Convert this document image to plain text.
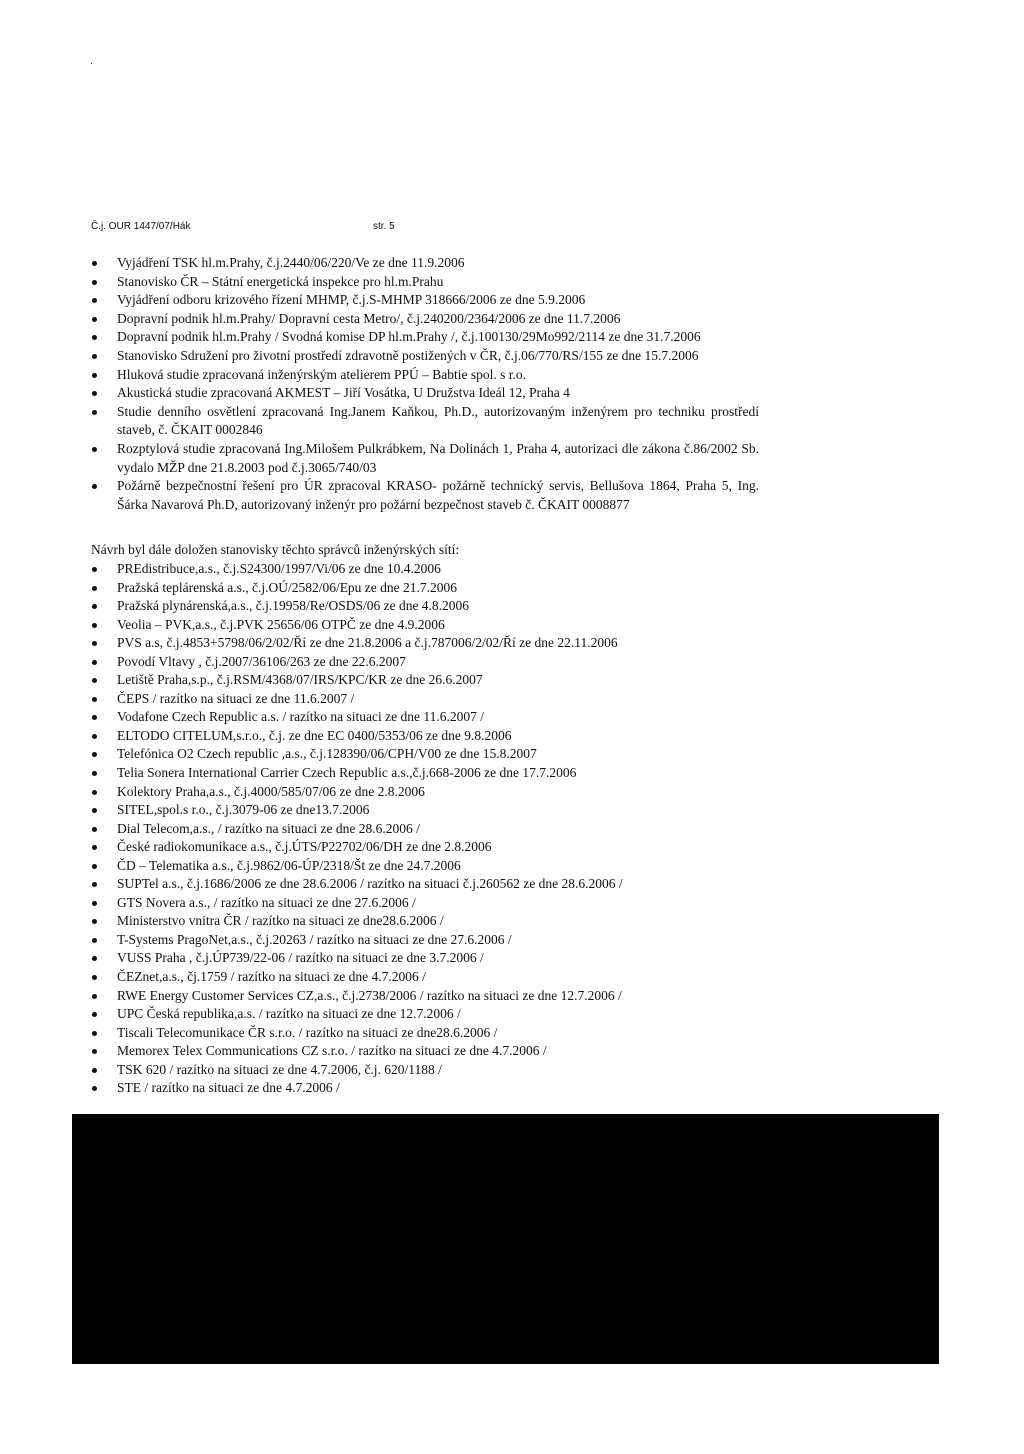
·
Č.j. OUR 1447/07/Hák	str. 5
Vyjádření TSK hl.m.Prahy, č.j.2440/06/220/Ve ze dne 11.9.2006
Stanovisko ČR – Státní energetická inspekce pro hl.m.Prahu
Vyjádření odboru krizového řízení MHMP, č.j.S-MHMP 318666/2006 ze dne 5.9.2006
Dopravní podnik hl.m.Prahy/ Dopravní cesta Metro/, č.j.240200/2364/2006 ze dne 11.7.2006
Dopravní podnik hl.m.Prahy / Svodná komise DP hl.m.Prahy /, č.j.100130/29Mo992/2114 ze dne 31.7.2006
Stanovisko Sdružení pro životní prostředí zdravotně postižených v ČR, č.j.06/770/RS/155 ze dne 15.7.2006
Hluková studie zpracovaná inženýrským atelierem PPÚ – Babtie spol. s r.o.
Akustická studie zpracovaná AKMEST – Jiří Vosátka, U Družstva Ideál 12, Praha 4
Studie denního osvětlení zpracovaná Ing.Janem Kaňkou, Ph.D., autorizovaným inženýrem pro techniku prostředí staveb, č. ČKAIT 0002846
Rozptylová studie zpracovaná Ing.Milošem Pulkrábkem, Na Dolinách 1, Praha 4, autorizaci dle zákona č.86/2002 Sb. vydalo MŽP dne 21.8.2003 pod č.j.3065/740/03
Požárně bezpečnostní řešení pro ÚR zpracoval KRASO- požárně technický servis, Bellušova 1864, Praha 5, Ing. Šárka Navarová Ph.D, autorizovaný inženýr pro požární bezpečnost staveb č. ČKAIT 0008877
Návrh byl dále doložen stanovisky těchto správců inženýrských sítí:
PREdistribuce,a.s., č.j.S24300/1997/Vi/06 ze dne 10.4.2006
Pražská teplárenská a.s., č.j.OÚ/2582/06/Epu ze dne 21.7.2006
Pražská plynárenská,a.s., č.j.19958/Re/OSDS/06 ze dne 4.8.2006
Veolia – PVK,a.s., č.j.PVK 25656/06 OTPČ ze dne 4.9.2006
PVS a.s, č.j.4853+5798/06/2/02/Ří ze dne 21.8.2006 a č.j.787006/2/02/Ří ze dne 22.11.2006
Povodí Vltavy , č.j.2007/36106/263 ze dne 22.6.2007
Letiště Praha,s.p., č.j.RSM/4368/07/IRS/KPC/KR ze dne 26.6.2007
ČEPS / razítko na situaci ze dne 11.6.2007 /
Vodafone Czech Republic a.s. / razítko na situaci ze dne 11.6.2007 /
ELTODO CITELUM,s.r.o., č.j. ze dne EC 0400/5353/06 ze dne 9.8.2006
Telefónica O2 Czech republic ,a.s., č.j.128390/06/CPH/V00 ze dne 15.8.2007
Telia Sonera International Carrier Czech Republic a.s.,č.j.668-2006 ze dne 17.7.2006
Kolektory Praha,a.s., č.j.4000/585/07/06 ze dne 2.8.2006
SITEL,spol.s r.o., č.j.3079-06 ze dne13.7.2006
Dial Telecom,a.s., / razítko na situaci ze dne 28.6.2006 /
České radiokomunikace a.s., č.j.ÚTS/P22702/06/DH ze dne 2.8.2006
ČD – Telematika a.s., č.j.9862/06-ÚP/2318/Št ze dne 24.7.2006
SUPTel a.s., č.j.1686/2006 ze dne 28.6.2006 / razítko na situaci č.j.260562 ze dne 28.6.2006 /
GTS Novera a.s., / razítko na situaci ze dne 27.6.2006 /
Ministerstvo vnitra ČR / razítko na situaci ze dne28.6.2006 /
T-Systems PragoNet,a.s., č.j.20263 / razítko na situaci ze dne 27.6.2006 /
VUSS Praha , č.j.ÚP739/22-06 / razítko na situaci ze dne 3.7.2006 /
ČEZnet,a.s., čj.1759 / razítko na situaci ze dne 4.7.2006 /
RWE Energy Customer Services CZ,a.s., č.j.2738/2006 / razítko na situaci ze dne 12.7.2006 /
UPC Česká republika,a.s. / razítko na situaci ze dne 12.7.2006 /
Tiscali Telecomunikace ČR s.r.o. / razítko na situaci ze dne28.6.2006 /
Memorex Telex Communications CZ s.r.o. / razítko na situaci ze dne 4.7.2006 /
TSK 620 / razítko na situaci ze dne 4.7.2006, č.j. 620/1188 /
STE / razítko na situaci ze dne 4.7.2006 /
